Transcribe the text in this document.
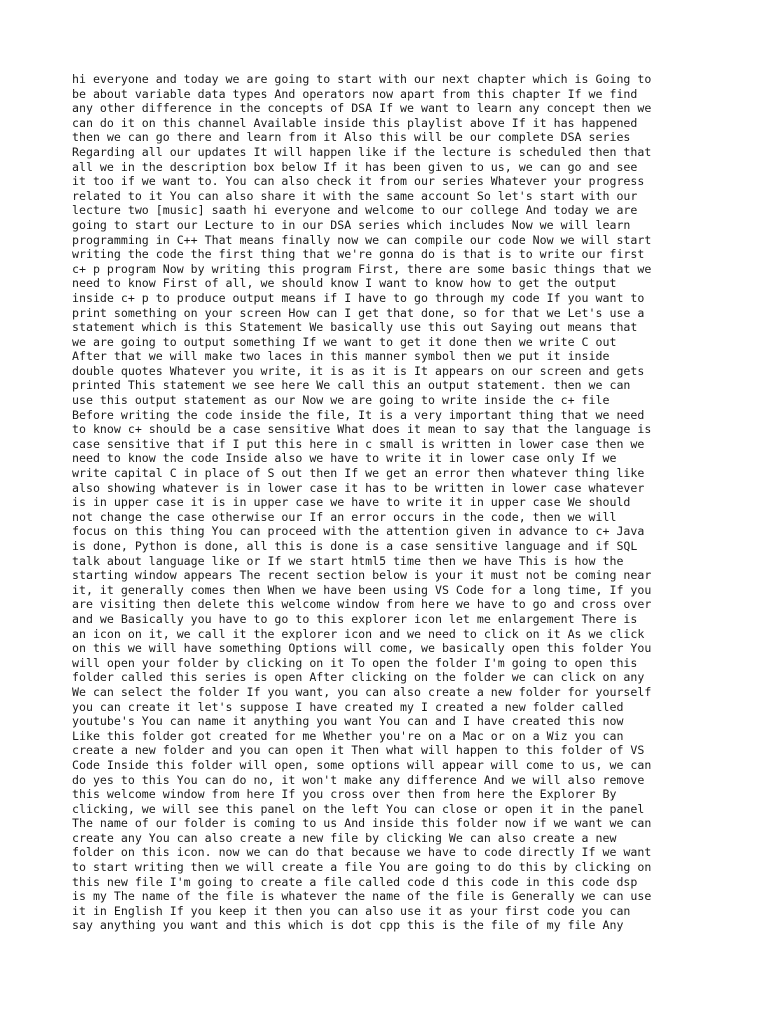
hi everyone and today we are going to start with our next chapter which is Going to
be about variable data types And operators now apart from this chapter If we find
any other difference in the concepts of DSA If we want to learn any concept then we
can do it on this channel Available inside this playlist above If it has happened
then we can go there and learn from it Also this will be our complete DSA series
Regarding all our updates It will happen like if the lecture is scheduled then that
all we in the description box below If it has been given to us, we can go and see
it too if we want to. You can also check it from our series Whatever your progress
related to it You can also share it with the same account So let's start with our
lecture two [music] saath hi everyone and welcome to our college And today we are
going to start our Lecture to in our DSA series which includes Now we will learn
programming in C++ That means finally now we can compile our code Now we will start
writing the code the first thing that we're gonna do is that is to write our first
c+ p program Now by writing this program First, there are some basic things that we
need to know First of all, we should know I want to know how to get the output
inside c+ p to produce output means if I have to go through my code If you want to
print something on your screen How can I get that done, so for that we Let's use a
statement which is this Statement We basically use this out Saying out means that
we are going to output something If we want to get it done then we write C out
After that we will make two laces in this manner symbol then we put it inside
double quotes Whatever you write, it is as it is It appears on our screen and gets
printed This statement we see here We call this an output statement. then we can
use this output statement as our Now we are going to write inside the c+ file
Before writing the code inside the file, It is a very important thing that we need
to know c+ should be a case sensitive What does it mean to say that the language is
case sensitive that if I put this here in c small is written in lower case then we
need to know the code Inside also we have to write it in lower case only If we
write capital C in place of S out then If we get an error then whatever thing like
also showing whatever is in lower case it has to be written in lower case whatever
is in upper case it is in upper case we have to write it in upper case We should
not change the case otherwise our If an error occurs in the code, then we will
focus on this thing You can proceed with the attention given in advance to c+ Java
is done, Python is done, all this is done is a case sensitive language and if SQL
talk about language like or If we start html5 time then we have This is how the
starting window appears The recent section below is your it must not be coming near
it, it generally comes then When we have been using VS Code for a long time, If you
are visiting then delete this welcome window from here we have to go and cross over
and we Basically you have to go to this explorer icon let me enlargement There is
an icon on it, we call it the explorer icon and we need to click on it As we click
on this we will have something Options will come, we basically open this folder You
will open your folder by clicking on it To open the folder I'm going to open this
folder called this series is open After clicking on the folder we can click on any
We can select the folder If you want, you can also create a new folder for yourself
you can create it let's suppose I have created my I created a new folder called
youtube's You can name it anything you want You can and I have created this now
Like this folder got created for me Whether you're on a Mac or on a Wiz you can
create a new folder and you can open it Then what will happen to this folder of VS
Code Inside this folder will open, some options will appear will come to us, we can
do yes to this You can do no, it won't make any difference And we will also remove
this welcome window from here If you cross over then from here the Explorer By
clicking, we will see this panel on the left You can close or open it in the panel
The name of our folder is coming to us And inside this folder now if we want we can
create any You can also create a new file by clicking We can also create a new
folder on this icon. now we can do that because we have to code directly If we want
to start writing then we will create a file You are going to do this by clicking on
this new file I'm going to create a file called code d this code in this code dsp
is my The name of the file is whatever the name of the file is Generally we can use
it in English If you keep it then you can also use it as your first code you can
say anything you want and this which is dot cpp this is the file of my file Any
